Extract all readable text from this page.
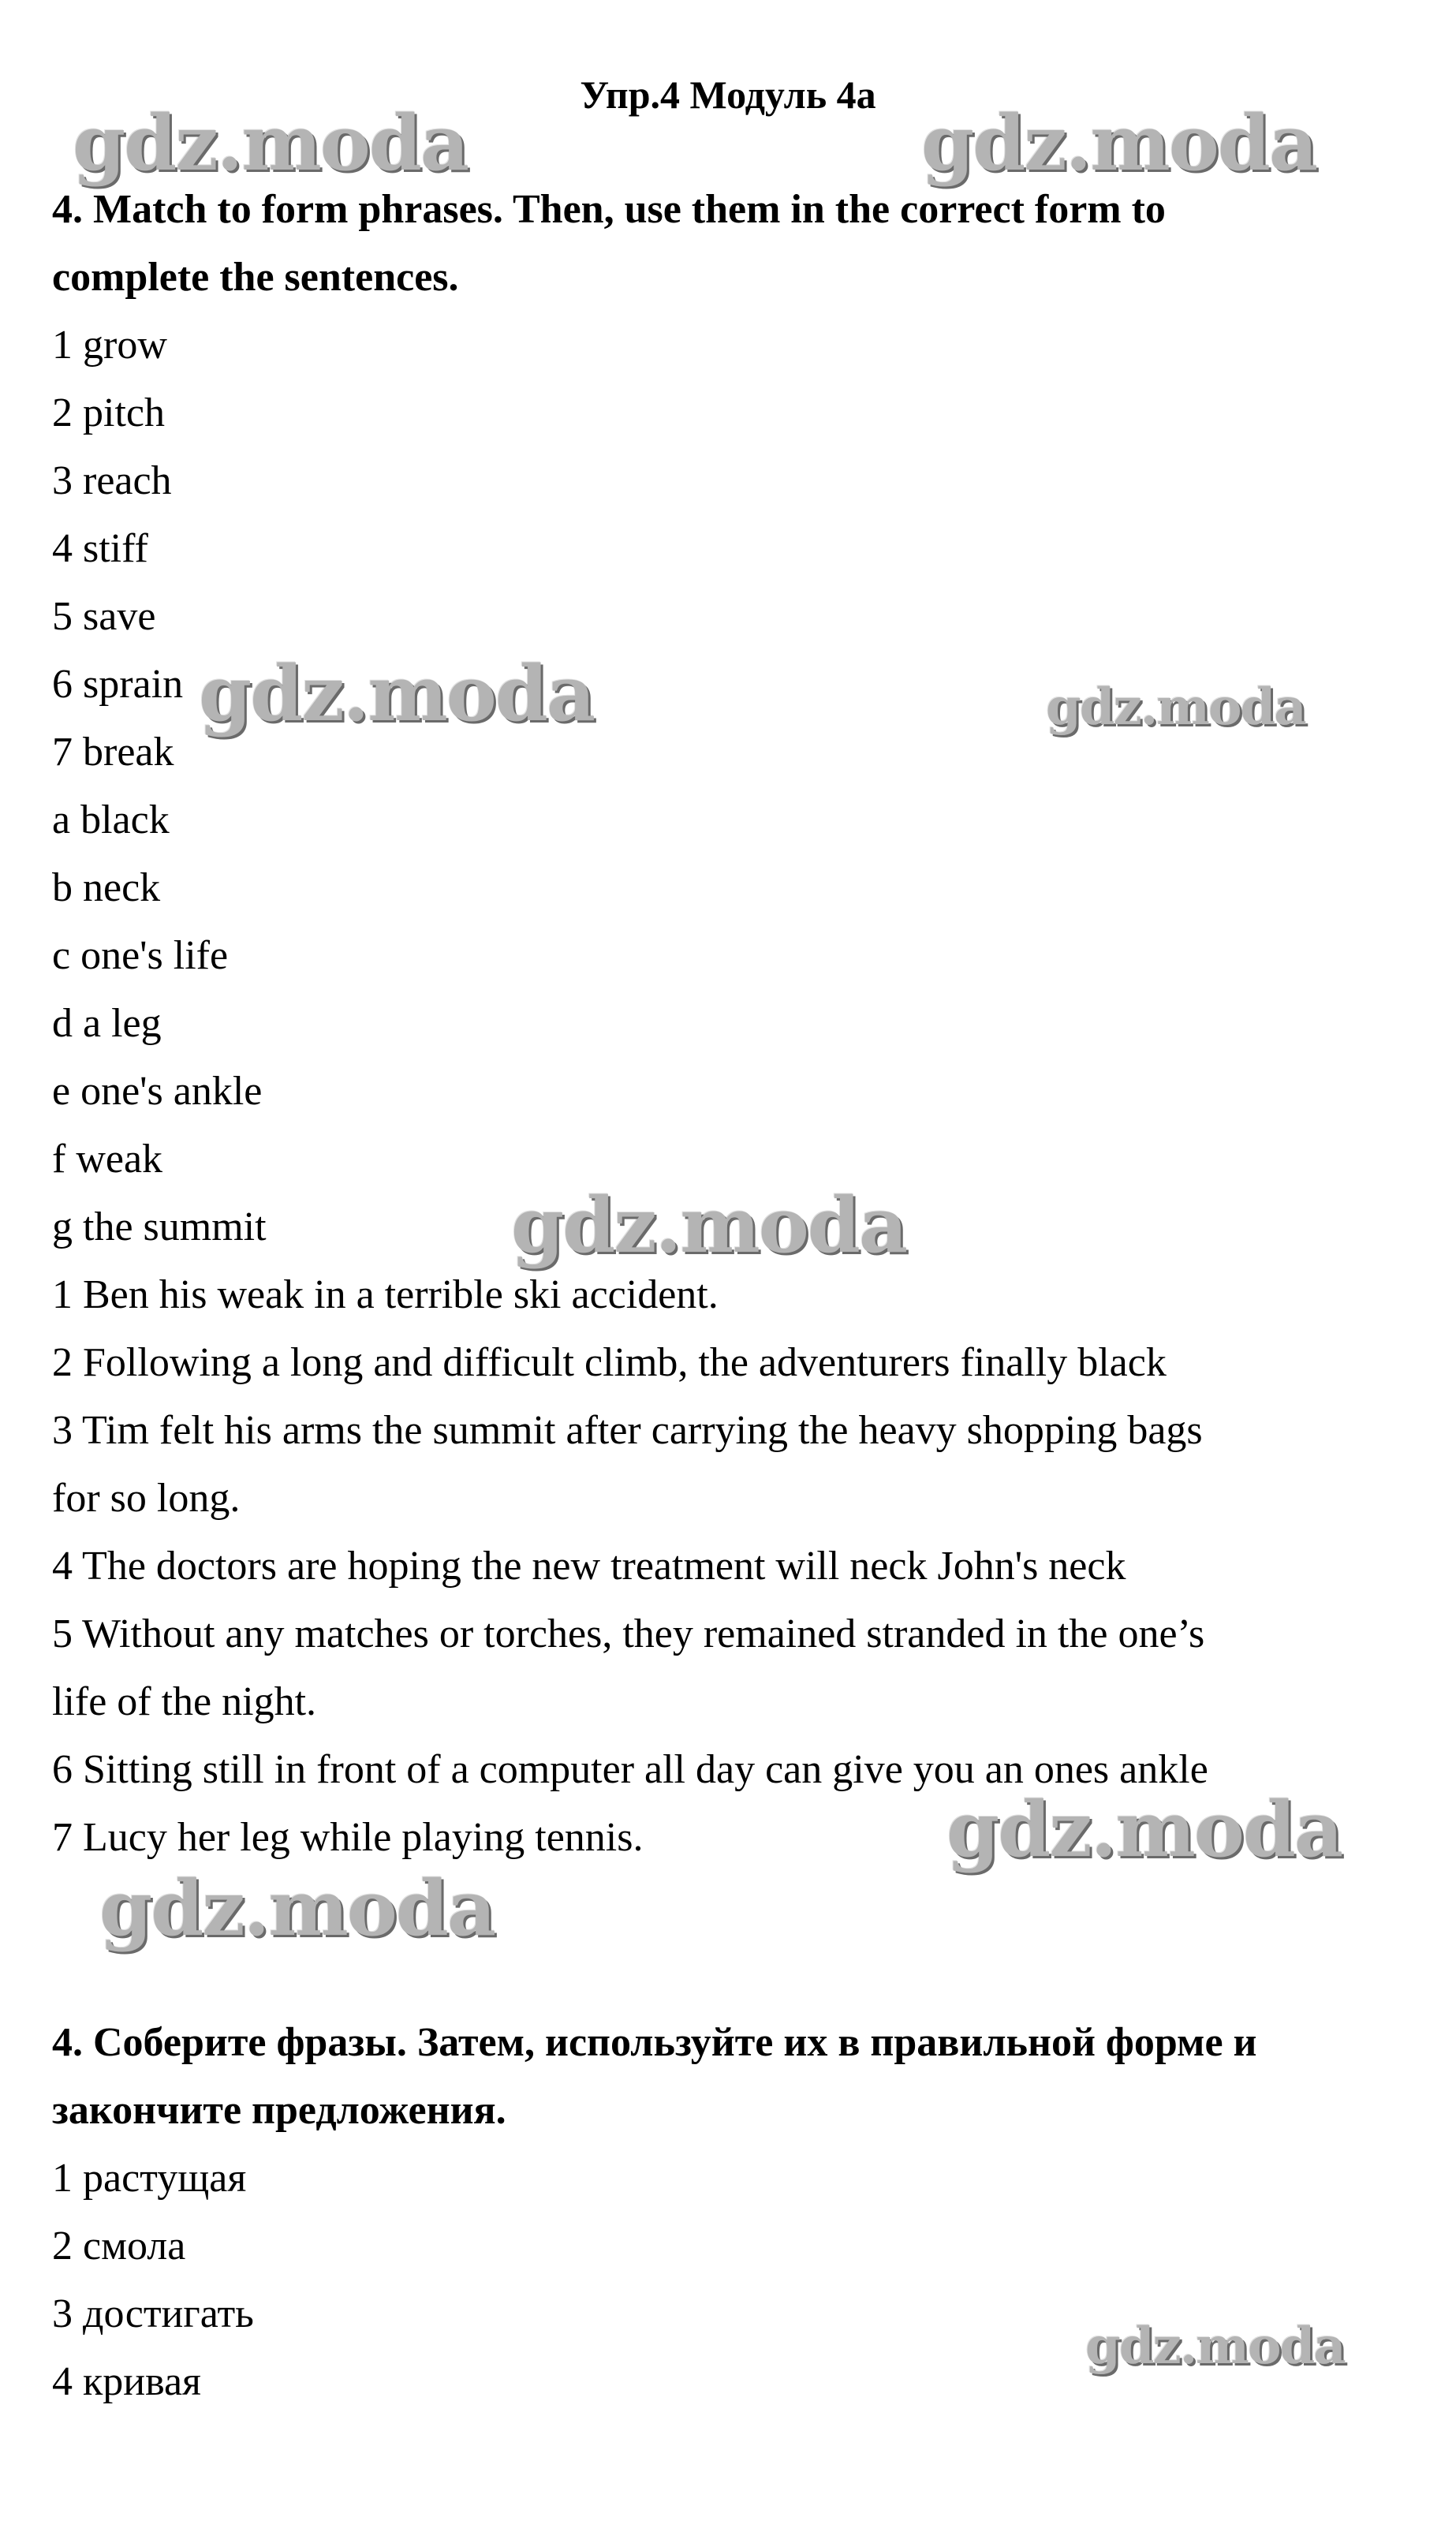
Упр.4 Модуль 4а
4. Match to form phrases. Then, use them in the correct form to
complete the sentences.
1 grow
2 pitch
3 reach
4 stiff
5 save
6 sprain
7 break
a black
b neck
c one's life
d a leg
e one's ankle
f weak
g the summit
1 Ben his weak in a terrible ski accident.
2 Following a long and difficult climb, the adventurers finally black
3 Tim felt his arms the summit after carrying the heavy shopping bags
for so long.
4 The doctors are hoping the new treatment will neck John's neck
5 Without any matches or torches, they remained stranded in the one’s
life of the night.
6 Sitting still in front of a computer all day can give you an ones ankle
7 Lucy her leg while playing tennis.
4. Соберите фразы. Затем, используйте их в правильной форме и
закончите предложения.
1 растущая
2 смола
3 достигать
4 кривая
gdz.moda	gdz.moda
gdz.moda	gdz.moda
gdz.moda
gdz.moda
gdz.moda
gdz.moda
